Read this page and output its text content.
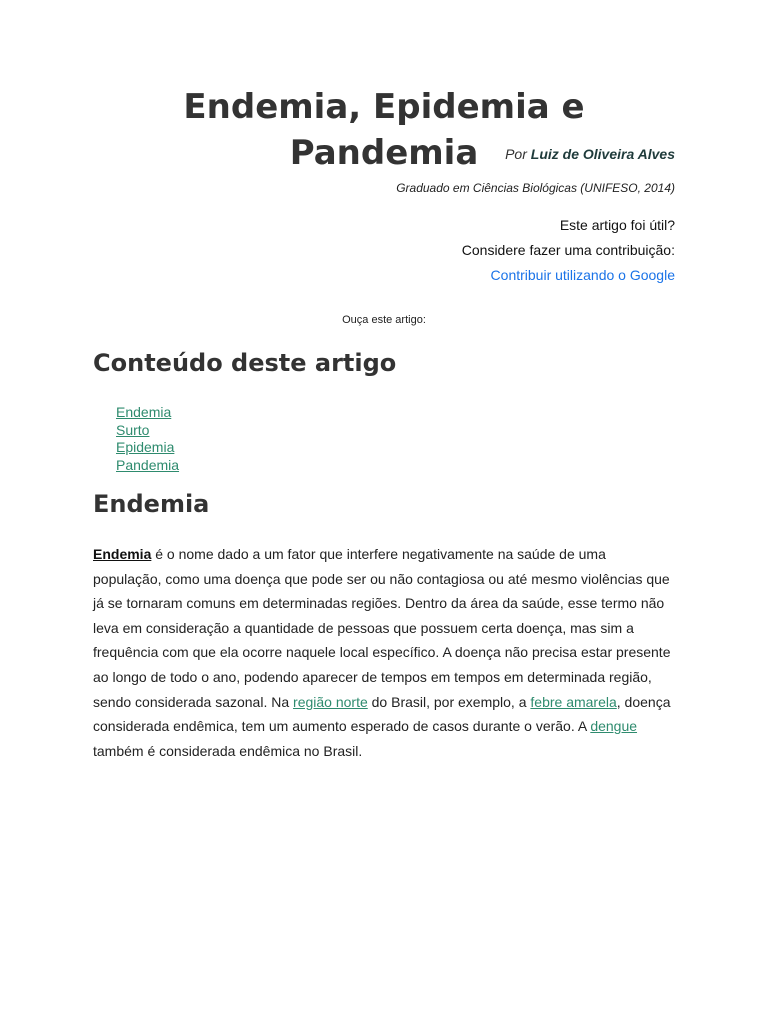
Endemia, Epidemia e Pandemia	Por Luiz de Oliveira Alves

Graduado em Ciências Biológicas (UNIFESO, 2014)

Este artigo foi útil?
Considere fazer uma contribuição:
Contribuir utilizando o Google
Ouça este artigo:
Conteúdo deste artigo
Endemia
Surto
Epidemia
Pandemia
Endemia

Endemia é o nome dado a um fator que interfere negativamente na saúde de uma população, como uma doença que pode ser ou não contagiosa ou até mesmo violências que já se tornaram comuns em determinadas regiões. Dentro da área da saúde, esse termo não leva em consideração a quantidade de pessoas que possuem certa doença, mas sim a frequência com que ela ocorre naquele local específico. A doença não precisa estar presente ao longo de todo o ano, podendo aparecer de tempos em tempos em determinada região, sendo considerada sazonal. Na região norte do Brasil, por exemplo, a febre amarela, doença considerada endêmica, tem um aumento esperado de casos durante o verão. A dengue também é considerada endêmica no Brasil.
